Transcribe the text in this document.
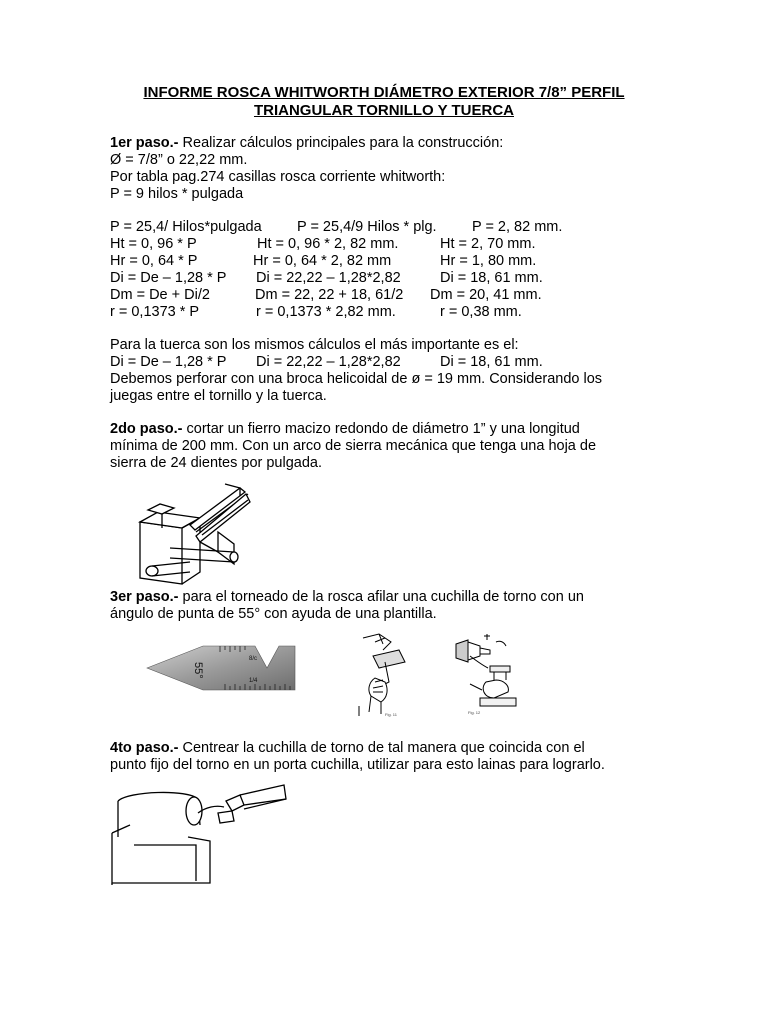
INFORME ROSCA WHITWORTH DIÁMETRO EXTERIOR 7/8” PERFIL
TRIANGULAR TORNILLO Y TUERCA
1er paso.- Realizar cálculos principales para la construcción:
Ø = 7/8” o 22,22 mm.
Por tabla pag.274 casillas rosca corriente whitworth:
P = 9 hilos * pulgada
P = 25,4/ Hilos*pulgada P = 25,4/9 Hilos * plg. P = 2, 82 mm.
Ht = 0, 96 * P	Ht = 0, 96 * 2, 82 mm.	Ht = 2, 70 mm.
Hr = 0, 64 * P	Hr = 0, 64 * 2, 82 mm	Hr = 1, 80 mm.
Di = De – 1,28 * P Di = 22,22 – 1,28*2,82	Di = 18, 61 mm.
Dm = De + Di/2	Dm = 22, 22 + 18, 61/2 Dm = 20, 41 mm.
r = 0,1373 * P	r = 0,1373 * 2,82 mm.	r = 0,38 mm.
Para la tuerca son los mismos cálculos el más importante es el:
Di = De – 1,28 * P Di = 22,22 – 1,28*2,82	Di = 18, 61 mm.
Debemos perforar con una broca helicoidal de ø = 19 mm. Considerando los
juegas entre el tornillo y la tuerca.
2do paso.- cortar un fierro macizo redondo de diámetro 1” y una longitud
mínima de 200 mm. Con un arco de sierra mecánica que tenga una hoja de
sierra de 24 dientes por pulgada.
3er paso.- para el torneado de la rosca afilar una cuchilla de torno con un
ángulo de punta de 55° con ayuda de una plantilla.
55°
8/c
1/4
Fig. 11	Fig. 12
4to paso.- Centrear la cuchilla de torno de tal manera que coincida con el
punto fijo del torno en un porta cuchilla, utilizar para esto lainas para lograrlo.
